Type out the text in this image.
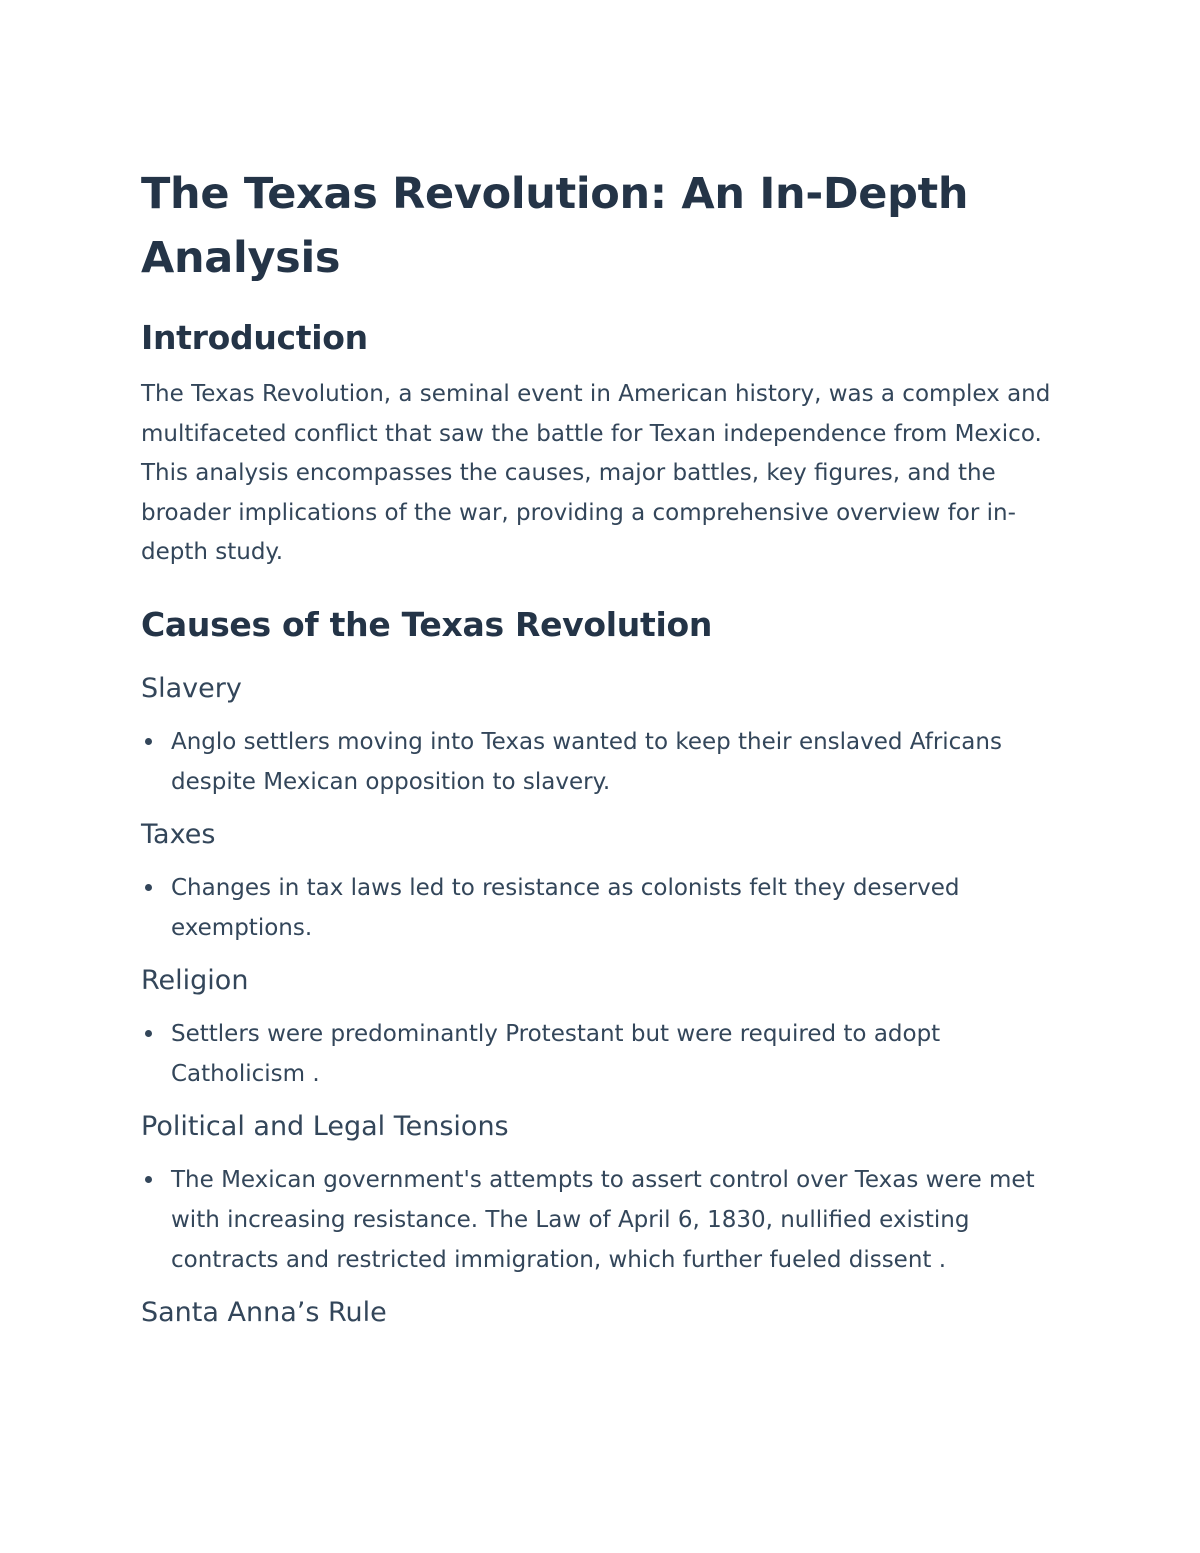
The Texas Revolution: An In-Depth Analysis
Introduction

The Texas Revolution, a seminal event in American history, was a complex and multifaceted conflict that saw the battle for Texan independence from Mexico. This analysis encompasses the causes, major battles, key figures, and the broader implications of the war, providing a comprehensive overview for in-depth study.

Causes of the Texas Revolution
Slavery
Anglo settlers moving into Texas wanted to keep their enslaved Africans despite Mexican opposition to slavery.
Taxes
Changes in tax laws led to resistance as colonists felt they deserved exemptions.
Religion
Settlers were predominantly Protestant but were required to adopt Catholicism .
Political and Legal Tensions
The Mexican government's attempts to assert control over Texas were met with increasing resistance. The Law of April 6, 1830, nullified existing contracts and restricted immigration, which further fueled dissent .
Santa Anna’s Rule
